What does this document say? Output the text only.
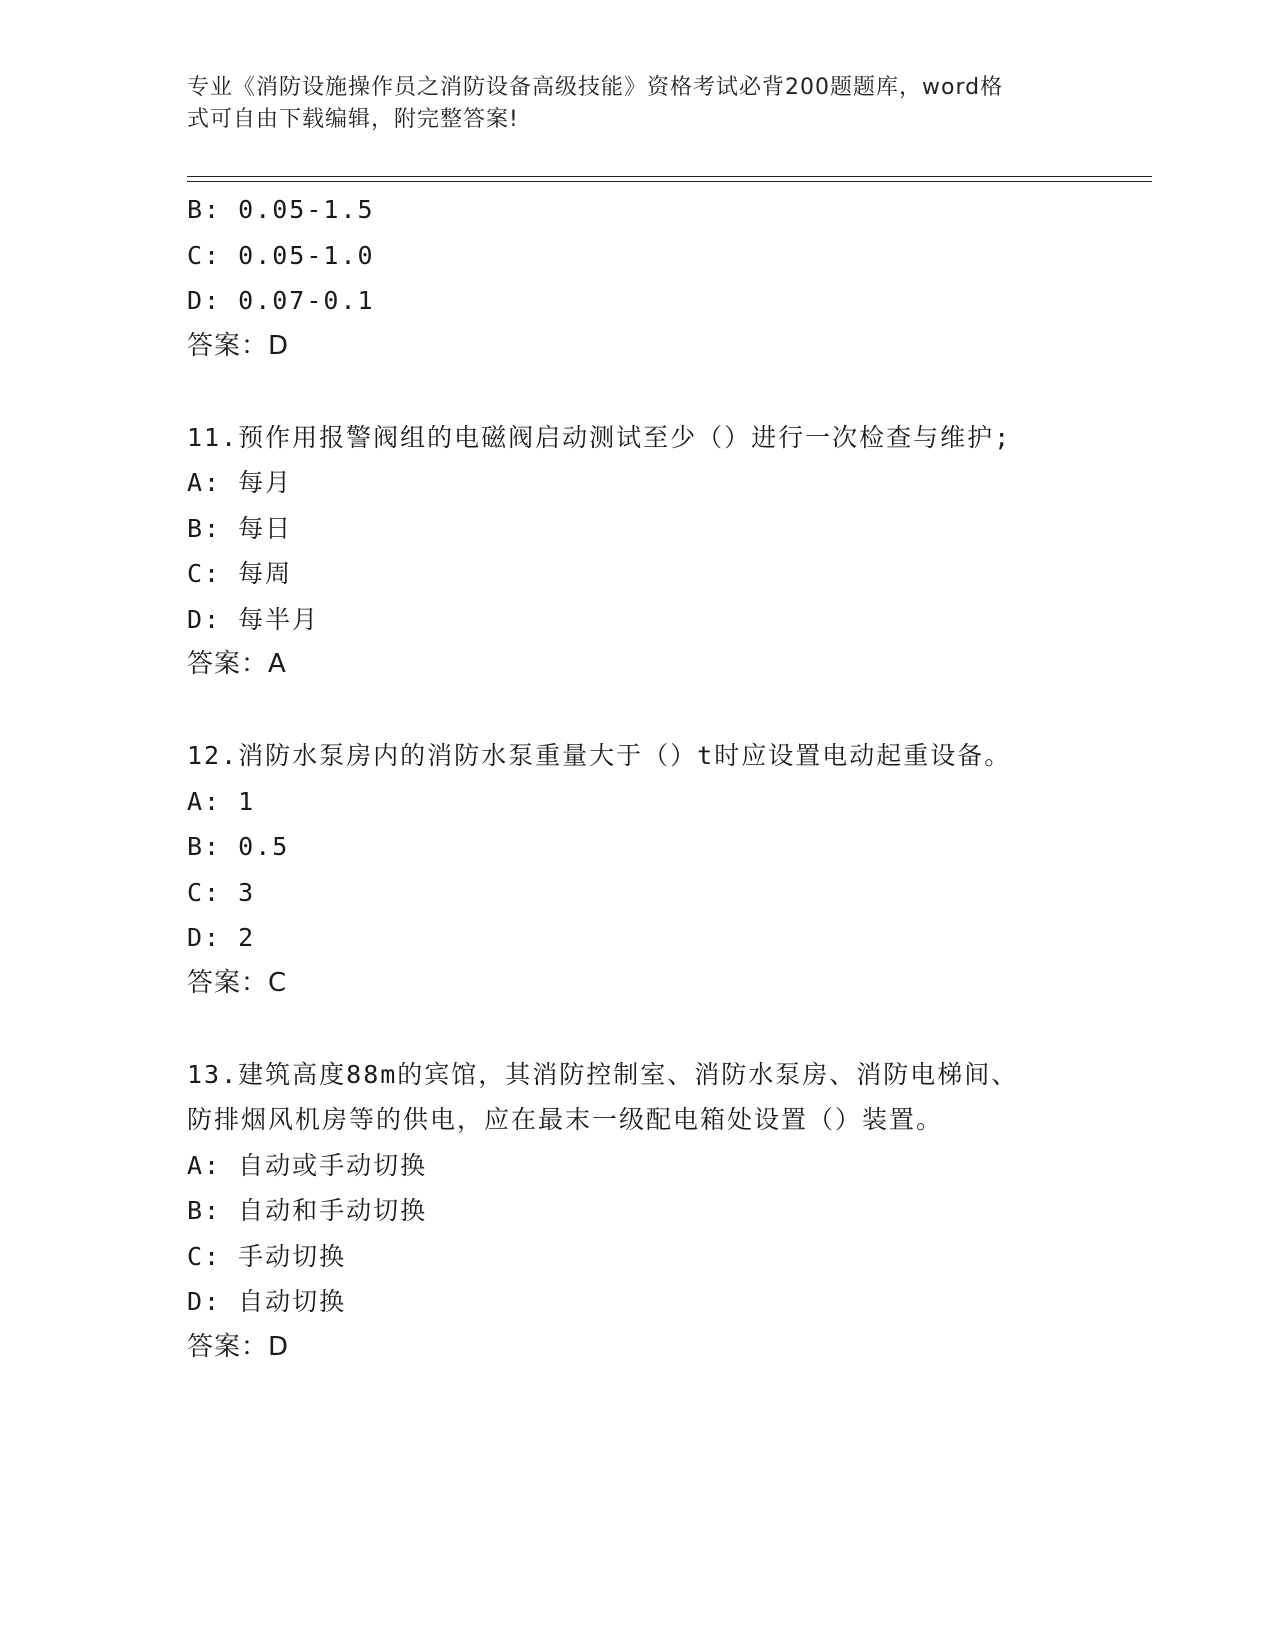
专业《消防设施操作员之消防设备高级技能》资格考试必背200题题库，word格
式可自由下载编辑，附完整答案!
B: 0.05-1.5
C: 0.05-1.0
D: 0.07-0.1
答案：D
11.预作用报警阀组的电磁阀启动测试至少（）进行一次检查与维护;
A: 每月
B: 每日
C: 每周
D: 每半月
答案：A
12.消防水泵房内的消防水泵重量大于（）t时应设置电动起重设备。
A: 1
B: 0.5
C: 3
D: 2
答案：C
13.建筑高度88m的宾馆，其消防控制室、消防水泵房、消防电梯间、
防排烟风机房等的供电，应在最末一级配电箱处设置（）装置。
A: 自动或手动切换
B: 自动和手动切换
C: 手动切换
D: 自动切换
答案：D
